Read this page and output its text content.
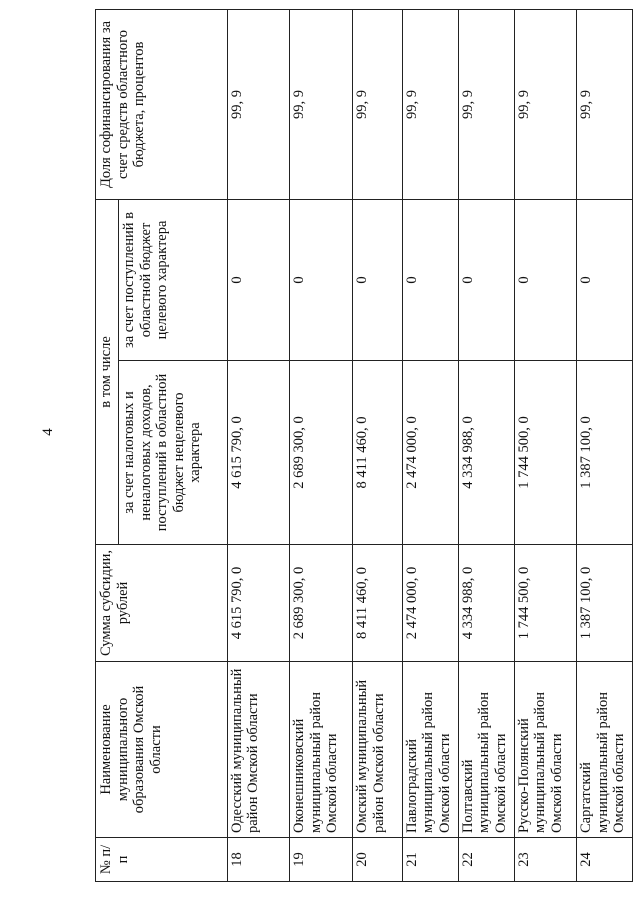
4
№ п/п	Наименование муниципального образования Омской области	Сумма субсидии, рублей	в том числе		Доля софинансирования за счет средств областного бюджета, процентов
			за счет налоговых и неналоговых доходов, поступлений в областной бюджет нецелевого характера	за счет поступлений в областной бюджет целевого характера	
18	Одесский муниципальный район Омской области	4 615 790, 0	4 615 790, 0	0	99, 9
19	Оконешниковский муниципальный район Омской области	2 689 300, 0	2 689 300, 0	0	99, 9
20	Омский муниципальный район Омской области	8 411 460, 0	8 411 460, 0	0	99, 9
21	Павлоградский муниципальный район Омской области	2 474 000, 0	2 474 000, 0	0	99, 9
22	Полтавский муниципальный район Омской области	4 334 988, 0	4 334 988, 0	0	99, 9
23	Русско-Полянский муниципальный район Омской области	1 744 500, 0	1 744 500, 0	0	99, 9
24	Саргатский муниципальный район Омской области	1 387 100, 0	1 387 100, 0	0	99, 9
